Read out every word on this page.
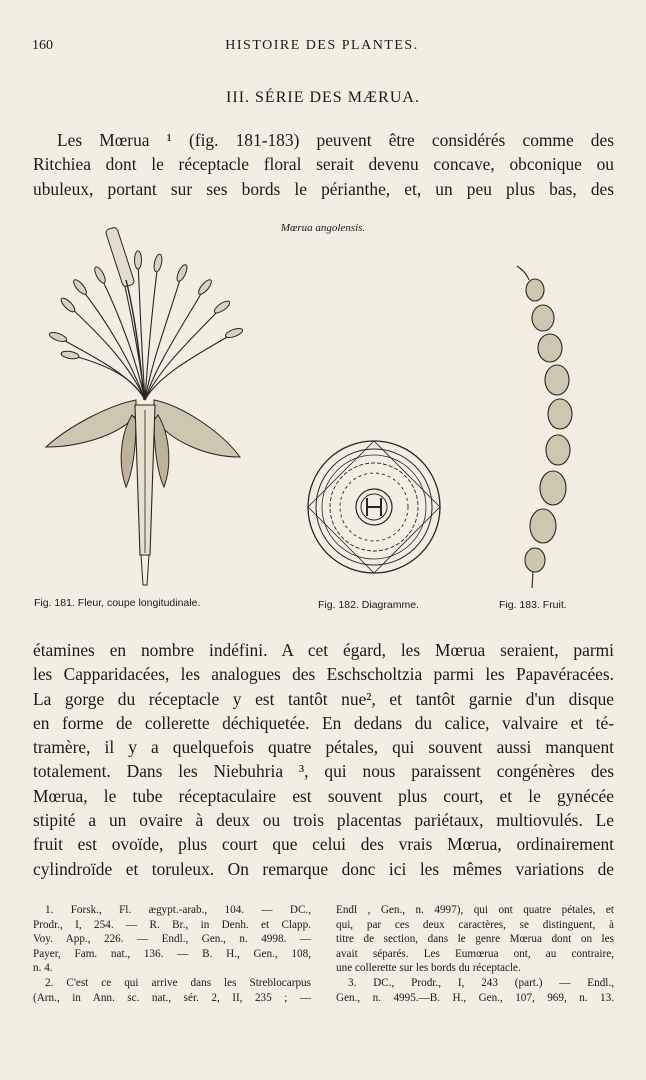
160	HISTOIRE DES PLANTES.
III. SÉRIE DES MÆRUA.
Les Mœrua ¹ (fig. 181-183) peuvent être considérés comme des
Ritchiea dont le réceptacle floral serait devenu concave, obconique ou
ubuleux, portant sur ses bords le périanthe, et, un peu plus bas, des
Mœrua angolensis.
Fig. 181. Fleur, coupe longitudinale.	Fig. 182. Diagramme.	Fig. 183. Fruit.
étamines en nombre indéfini. A cet égard, les Mœrua seraient, parmi
les Capparidacées, les analogues des Eschscholtzia parmi les Papavéracées.
La gorge du réceptacle y est tantôt nue², et tantôt garnie d'un disque
en forme de collerette déchiquetée. En dedans du calice, valvaire et té-
tramère, il y a quelquefois quatre pétales, qui souvent aussi manquent
totalement. Dans les Niebuhria ³, qui nous paraissent congénères des
Mœrua, le tube réceptaculaire est souvent plus court, et le gynécée
stipité a un ovaire à deux ou trois placentas pariétaux, multiovulés. Le
fruit est ovoïde, plus court que celui des vrais Mœrua, ordinairement
cylindroïde et toruleux. On remarque donc ici les mêmes variations de
1. Forsk., Fl. ægypt.-arab., 104. — DC.,
Prodr., I, 254. — R. Br., in Denh. et Clapp.
Voy. App., 226. — Endl., Gen., n. 4998. —
Payer, Fam. nat., 136. — B. H., Gen., 108,
n. 4.
2. C'est ce qui arrive dans les Streblocarpus
(Arn., in Ann. sc. nat., sér. 2, II, 235 ; —
Endl , Gen., n. 4997), qui ont quatre pétales, et
qui, par ces deux caractères, se distinguent, à
titre de section, dans le genre Mœrua dont on les
avait séparés. Les Eumœrua ont, au contraire,
une collerette sur les bords du réceptacle.
3. DC., Prodr., I, 243 (part.) — Endl.,
Gen., n. 4995.—B. H., Gen., 107, 969, n. 13.
